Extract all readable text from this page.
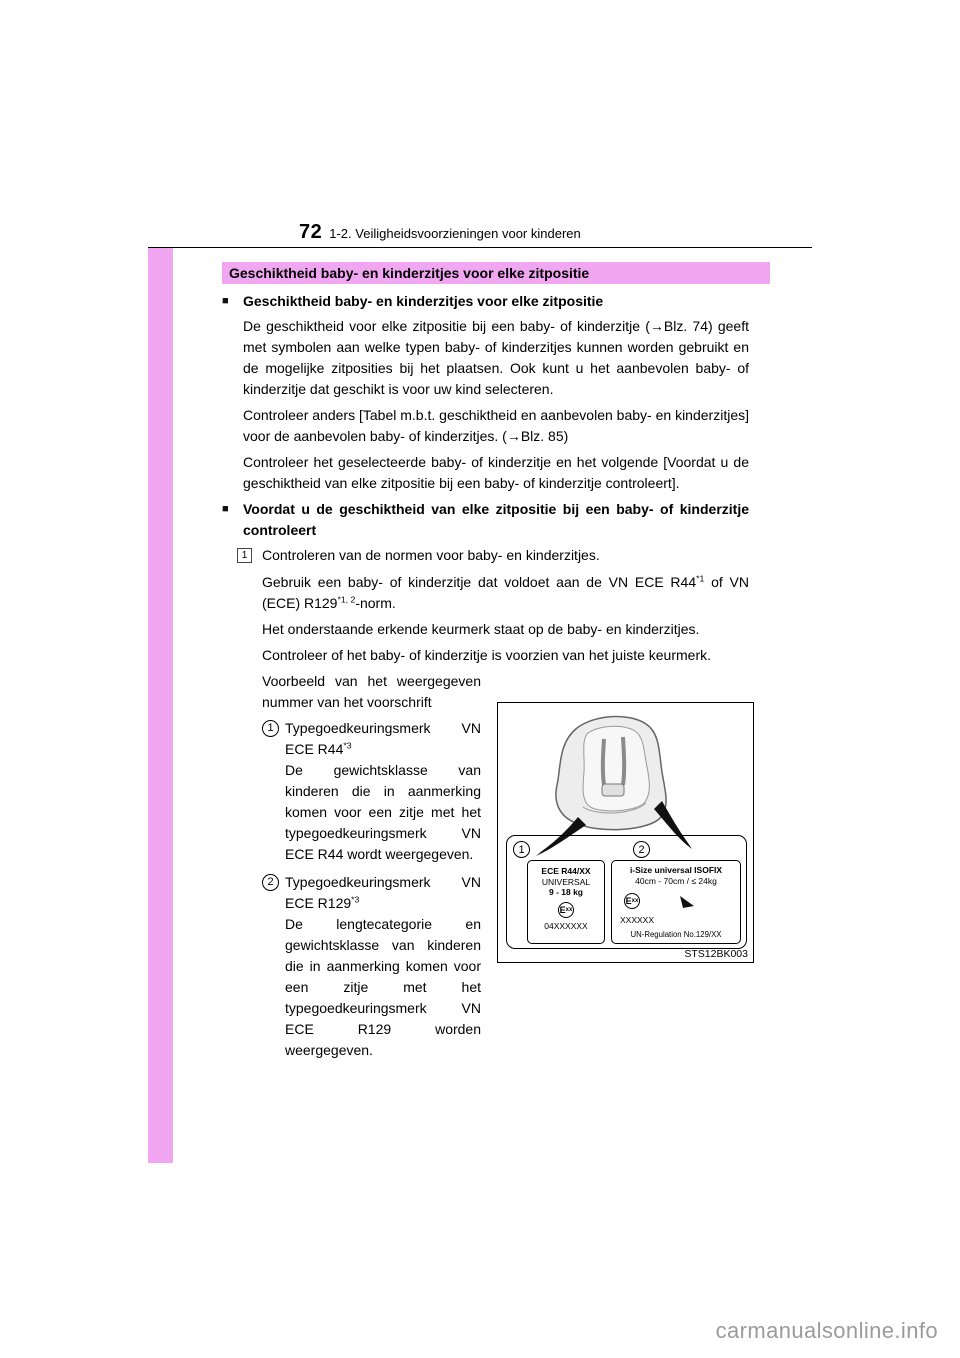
72 1-2. Veiligheidsvoorzieningen voor kinderen
Geschiktheid baby- en kinderzitjes voor elke zitpositie
■	Geschiktheid baby- en kinderzitjes voor elke zitpositie

De geschiktheid voor elke zitpositie bij een baby- of kinderzitje (→Blz. 74) geeft met symbolen aan welke typen baby- of kinderzitjes kunnen worden gebruikt en de mogelijke zitposities bij het plaatsen. Ook kunt u het aanbevolen baby- of kinderzitje dat geschikt is voor uw kind selecteren.

Controleer anders [Tabel m.b.t. geschiktheid en aanbevolen baby- en kinderzitjes] voor de aanbevolen baby- of kinderzitjes. (→Blz. 85)

Controleer het geselecteerde baby- of kinderzitje en het volgende [Voordat u de geschiktheid van elke zitpositie bij een baby- of kinderzitje controleert].

■	Voordat u de geschiktheid van elke zitpositie bij een baby- of kinderzitje controleert
1	Controleren van de normen voor baby- en kinderzitjes.

Gebruik een baby- of kinderzitje dat voldoet aan de VN ECE R44$^{*1}$ of VN (ECE) R129$^{*1, 2}$-norm.

Het onderstaande erkende keurmerk staat op de baby- en kinderzitjes.

Controleer of het baby- of kinderzitje is voorzien van het juiste keurmerk.

Voorbeeld van het weergegeven nummer van het voorschrift

1 Typegoedkeuringsmerk VN ECE R44$^{*3}$
De gewichtsklasse van kinderen die in aanmerking komen voor een zitje met het typegoedkeuringsmerk VN ECE R44 wordt weergegeven.
2 Typegoedkeuringsmerk VN ECE R129$^{*3}$
De lengtecategorie en gewichtsklasse van kinderen die in aanmerking komen voor een zitje met het typegoedkeuringsmerk VN ECE R129 worden weergegeven.
1	2
ECE R44/XX
UNIVERSAL
9 - 18 kg
E xx
04XXXXXX
i-Size universal ISOFIX
40cm - 70cm / ≤ 24kg
E xx
XXXXXX
UN-Regulation No.129/XX
STS12BK003
carmanualsonline.info
